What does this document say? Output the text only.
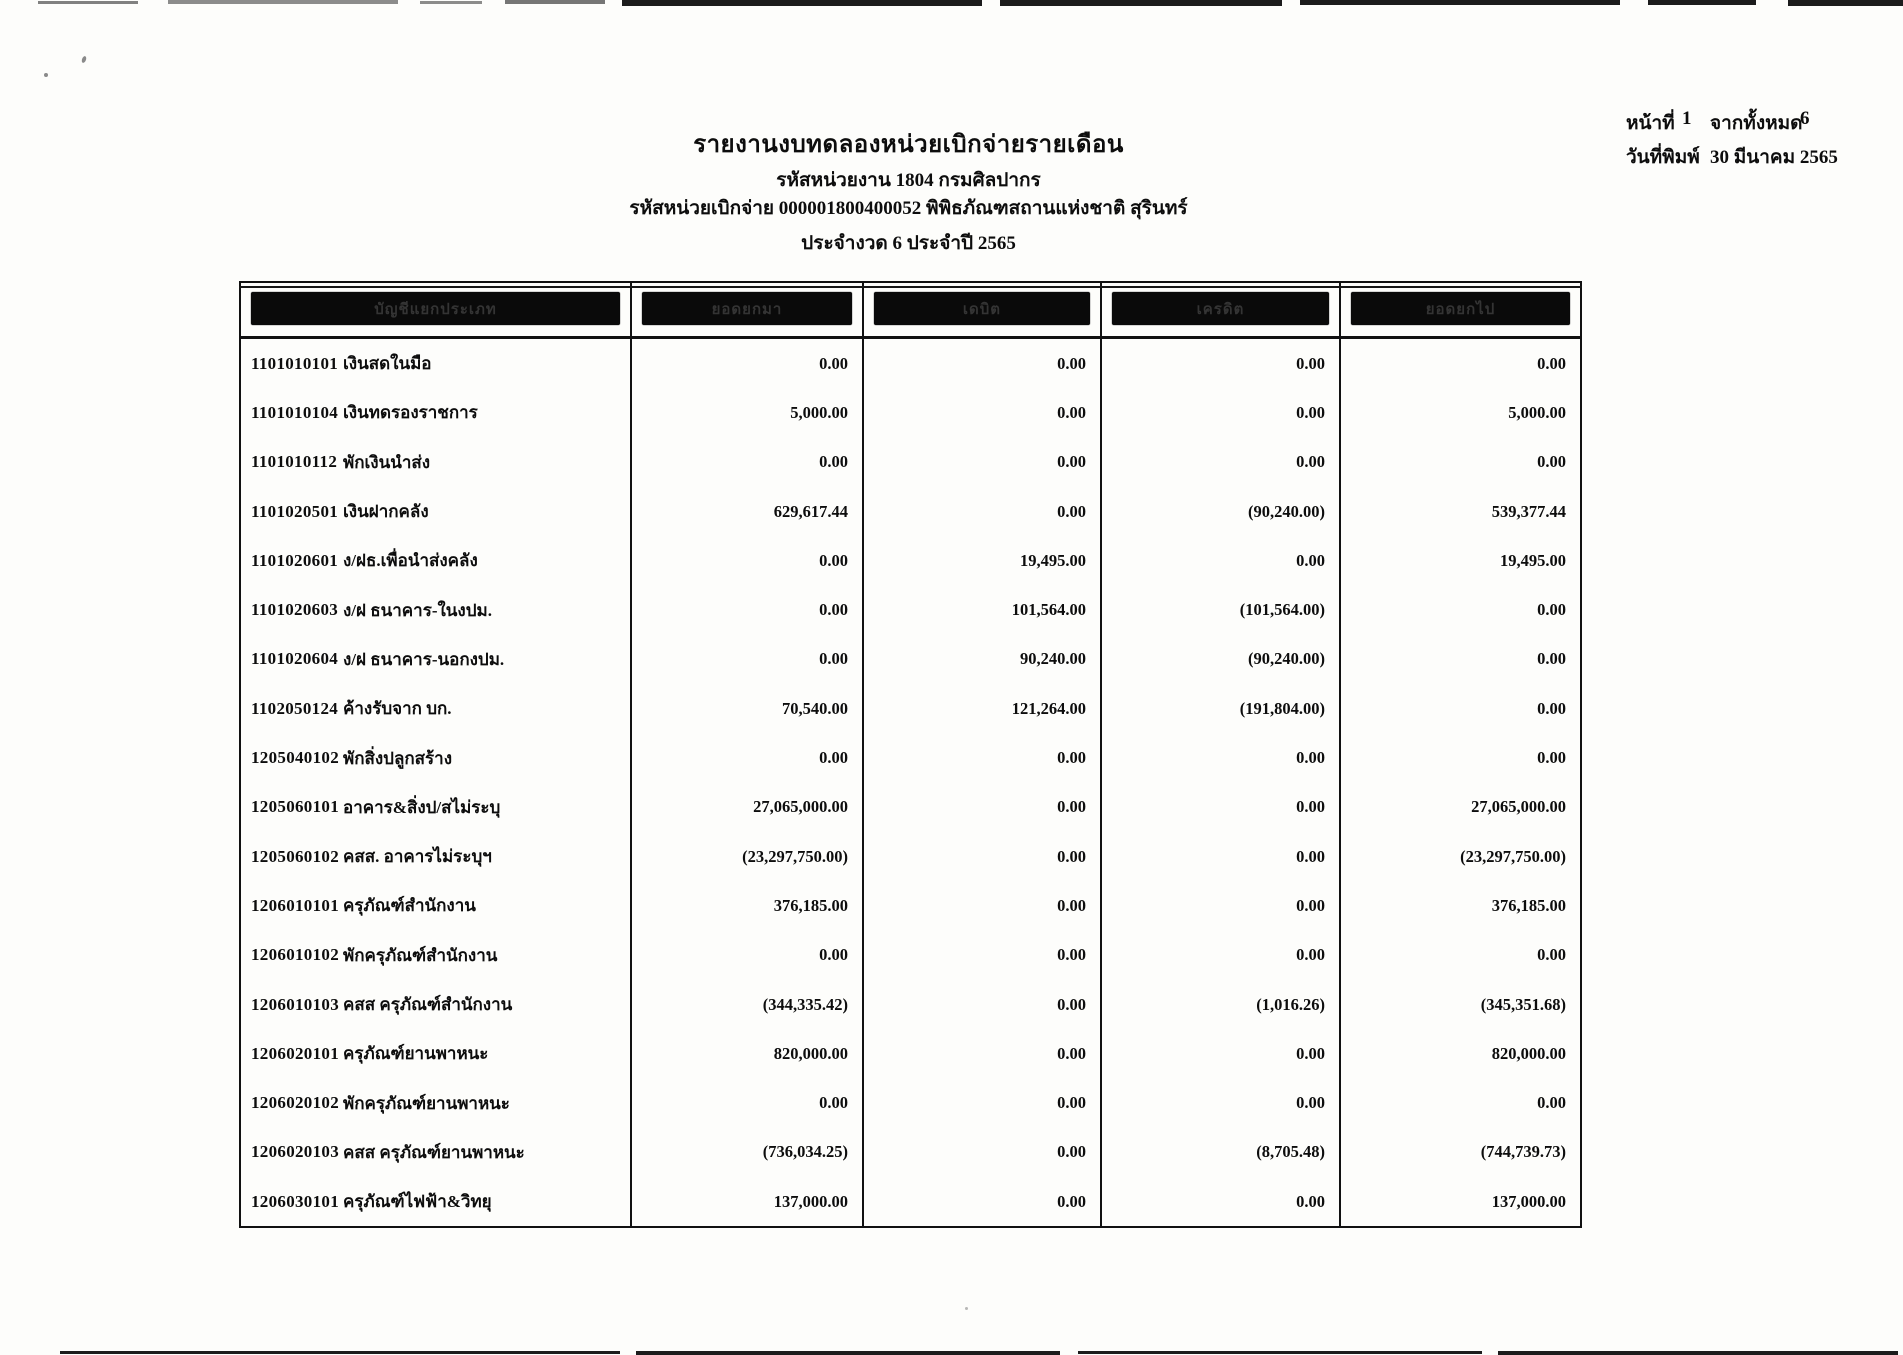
รายงานงบทดลองหน่วยเบิกจ่ายรายเดือน
รหัสหน่วยงาน 1804 กรมศิลปากร
รหัสหน่วยเบิกจ่าย 000001800400052 พิพิธภัณฑสถานแห่งชาติ สุรินทร์
ประจำงวด 6 ประจำปี 2565
หน้าที่ 1 จากทั้งหมด
6
วันที่พิมพ์ 30 มีนาคม 2565
บัญชีแยกประเภท	ยอดยกมา	เดบิต	เครดิต	ยอดยกไป
1101010101 เงินสดในมือ	0.00	0.00	0.00	0.00
1101010104 เงินทดรองราชการ	5,000.00	0.00	0.00	5,000.00
1101010112 พักเงินนำส่ง	0.00	0.00	0.00	0.00
1101020501 เงินฝากคลัง	629,617.44	0.00	(90,240.00)	539,377.44
1101020601 ง/ฝธ.เพื่อนำส่งคลัง	0.00	19,495.00	0.00	19,495.00
1101020603 ง/ฝ ธนาคาร-ในงปม.	0.00	101,564.00	(101,564.00)	0.00
1101020604 ง/ฝ ธนาคาร-นอกงปม.	0.00	90,240.00	(90,240.00)	0.00
1102050124 ค้างรับจาก บก.	70,540.00	121,264.00	(191,804.00)	0.00
1205040102 พักสิ่งปลูกสร้าง	0.00	0.00	0.00	0.00
1205060101 อาคาร&สิ่งป/สไม่ระบุ	27,065,000.00	0.00	0.00	27,065,000.00
1205060102 คสส. อาคารไม่ระบุฯ	(23,297,750.00)	0.00	0.00	(23,297,750.00)
1206010101 ครุภัณฑ์สำนักงาน	376,185.00	0.00	0.00	376,185.00
1206010102 พักครุภัณฑ์สำนักงาน	0.00	0.00	0.00	0.00
1206010103 คสส ครุภัณฑ์สำนักงาน	(344,335.42)	0.00	(1,016.26)	(345,351.68)
1206020101 ครุภัณฑ์ยานพาหนะ	820,000.00	0.00	0.00	820,000.00
1206020102 พักครุภัณฑ์ยานพาหนะ	0.00	0.00	0.00	0.00
1206020103 คสส ครุภัณฑ์ยานพาหนะ	(736,034.25)	0.00	(8,705.48)	(744,739.73)
1206030101 ครุภัณฑ์ไฟฟ้า&วิทยุ	137,000.00	0.00	0.00	137,000.00
